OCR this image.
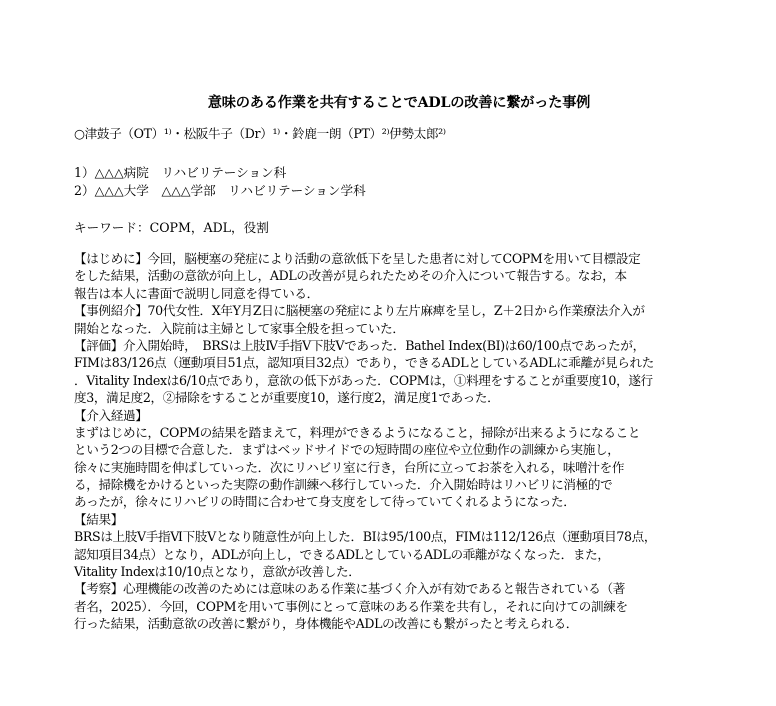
意味のある作業を共有することでADLの改善に繋がった事例
○津鼓子（OT）¹⁾・松阪牛子（Dr）¹⁾・鈴鹿一朗（PT）²⁾伊勢太郎²⁾
1）△△△病院　リハビリテーション科
2）△△△大学　△△△学部　リハビリテーション学科
キーワード：COPM，ADL，役割
【はじめに】今回，脳梗塞の発症により活動の意欲低下を呈した患者に対してCOPMを用いて目標設定
をした結果，活動の意欲が向上し，ADLの改善が見られたためその介入について報告する。なお，本
報告は本人に書面で説明し同意を得ている．
【事例紹介】70代女性．X年Y月Z日に脳梗塞の発症により左片麻痺を呈し，Z＋2日から作業療法介入が
開始となった．入院前は主婦として家事全般を担っていた．
【評価】介入開始時，　BRSは上肢Ⅳ手指Ⅴ下肢Ⅴであった．Bathel Index(BI)は60/100点であったが，
FIMは83/126点（運動項目51点，認知項目32点）であり，できるADLとしているADLに乖離が見られた
．Vitality Indexは6/10点であり，意欲の低下があった．COPMは，①料理をすることが重要度10，遂行
度3，満足度2，②掃除をすることが重要度10，遂行度2，満足度1であった．
【介入経過】
まずはじめに，COPMの結果を踏まえて，料理ができるようになること，掃除が出来るようになること
という2つの目標で合意した．まずはベッドサイドでの短時間の座位や立位動作の訓練から実施し，
徐々に実施時間を伸ばしていった．次にリハビリ室に行き，台所に立ってお茶を入れる，味噌汁を作
る，掃除機をかけるといった実際の動作訓練へ移行していった．介入開始時はリハビリに消極的で
あったが，徐々にリハビリの時間に合わせて身支度をして待っていてくれるようになった．
【結果】
BRSは上肢Ⅴ手指Ⅵ下肢Ⅴとなり随意性が向上した．BIは95/100点，FIMは112/126点（運動項目78点，
認知項目34点）となり，ADLが向上し，できるADLとしているADLの乖離がなくなった．また，
Vitality Indexは10/10点となり，意欲が改善した．
【考察】心理機能の改善のためには意味のある作業に基づく介入が有効であると報告されている（著
者名，2025）．今回，COPMを用いて事例にとって意味のある作業を共有し，それに向けての訓練を
行った結果，活動意欲の改善に繋がり，身体機能やADLの改善にも繋がったと考えられる．
